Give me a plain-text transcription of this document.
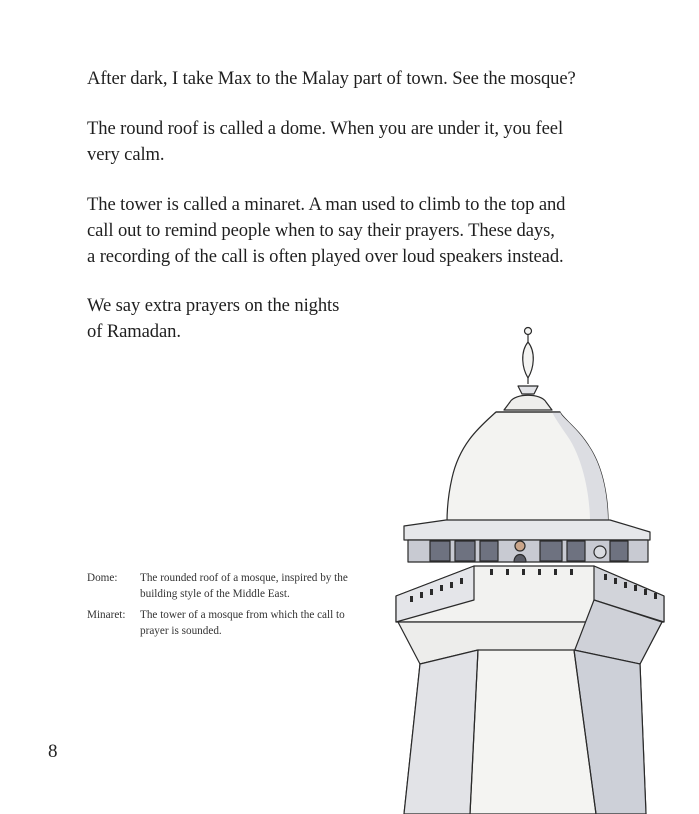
After dark, I take Max to the Malay part of town. See the mosque?
The round roof is called a dome. When you are under it, you feel
very calm.
The tower is called a minaret. A man used to climb to the top and
call out to remind people when to say their prayers. These days,
a recording of the call is often played over loud speakers instead.
We say extra prayers on the nights
of Ramadan.
Dome:	The rounded roof of a mosque, inspired by the building style of the Middle East.
Minaret:	The tower of a mosque from which the call to prayer is sounded.
8
